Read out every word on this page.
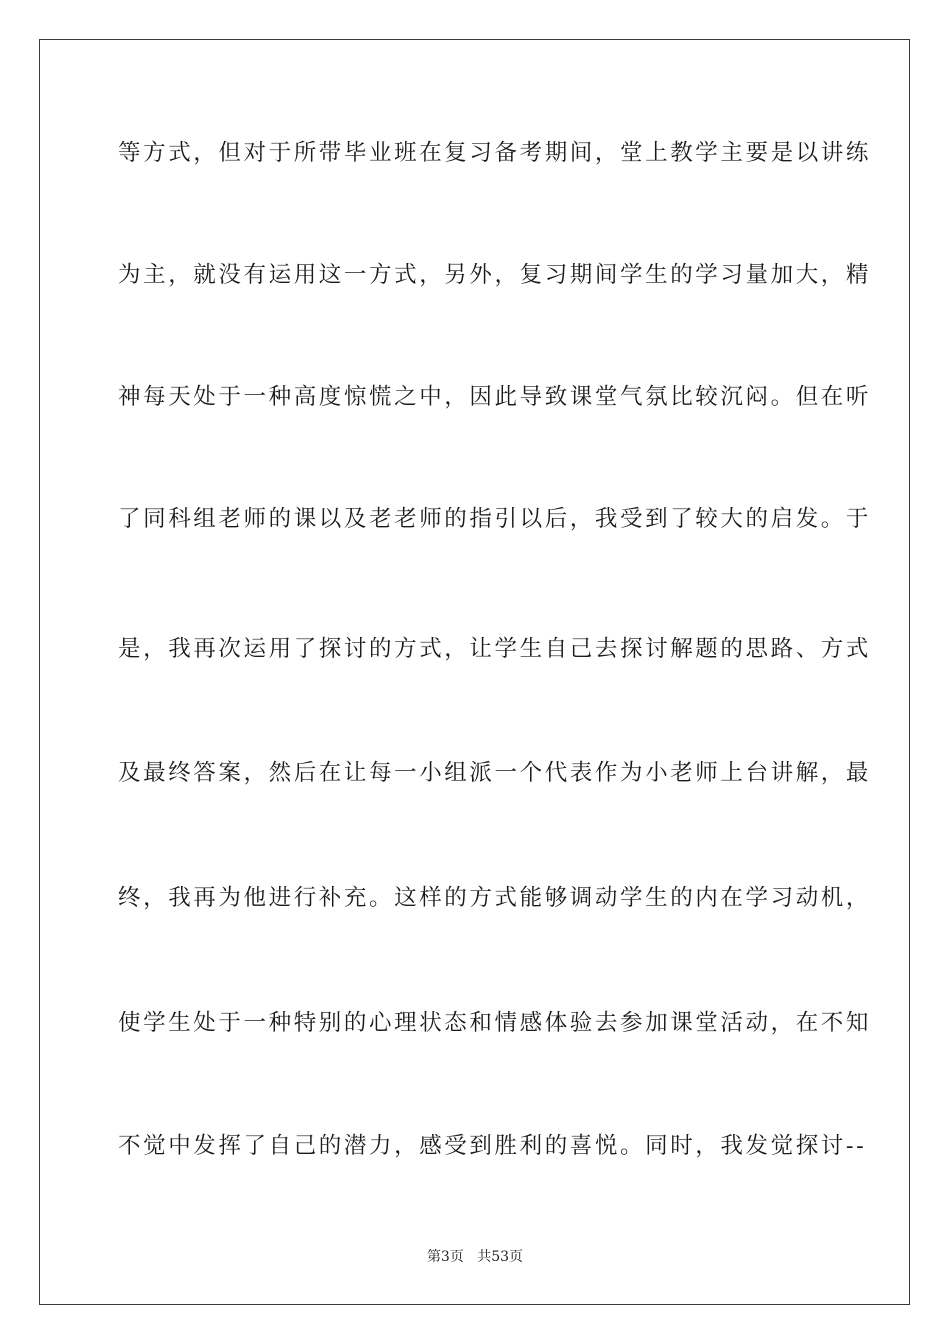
等方式，但对于所带毕业班在复习备考期间，堂上教学主要是以讲练
为主，就没有运用这一方式，另外，复习期间学生的学习量加大，精
神每天处于一种高度惊慌之中，因此导致课堂气氛比较沉闷。但在听
了同科组老师的课以及老老师的指引以后，我受到了较大的启发。于
是，我再次运用了探讨的方式，让学生自己去探讨解题的思路、方式
及最终答案，然后在让每一小组派一个代表作为小老师上台讲解，最
终，我再为他进行补充。这样的方式能够调动学生的内在学习动机，
使学生处于一种特别的心理状态和情感体验去参加课堂活动，在不知
不觉中发挥了自己的潜力，感受到胜利的喜悦。同时，我发觉探讨--
第3页 共53页
